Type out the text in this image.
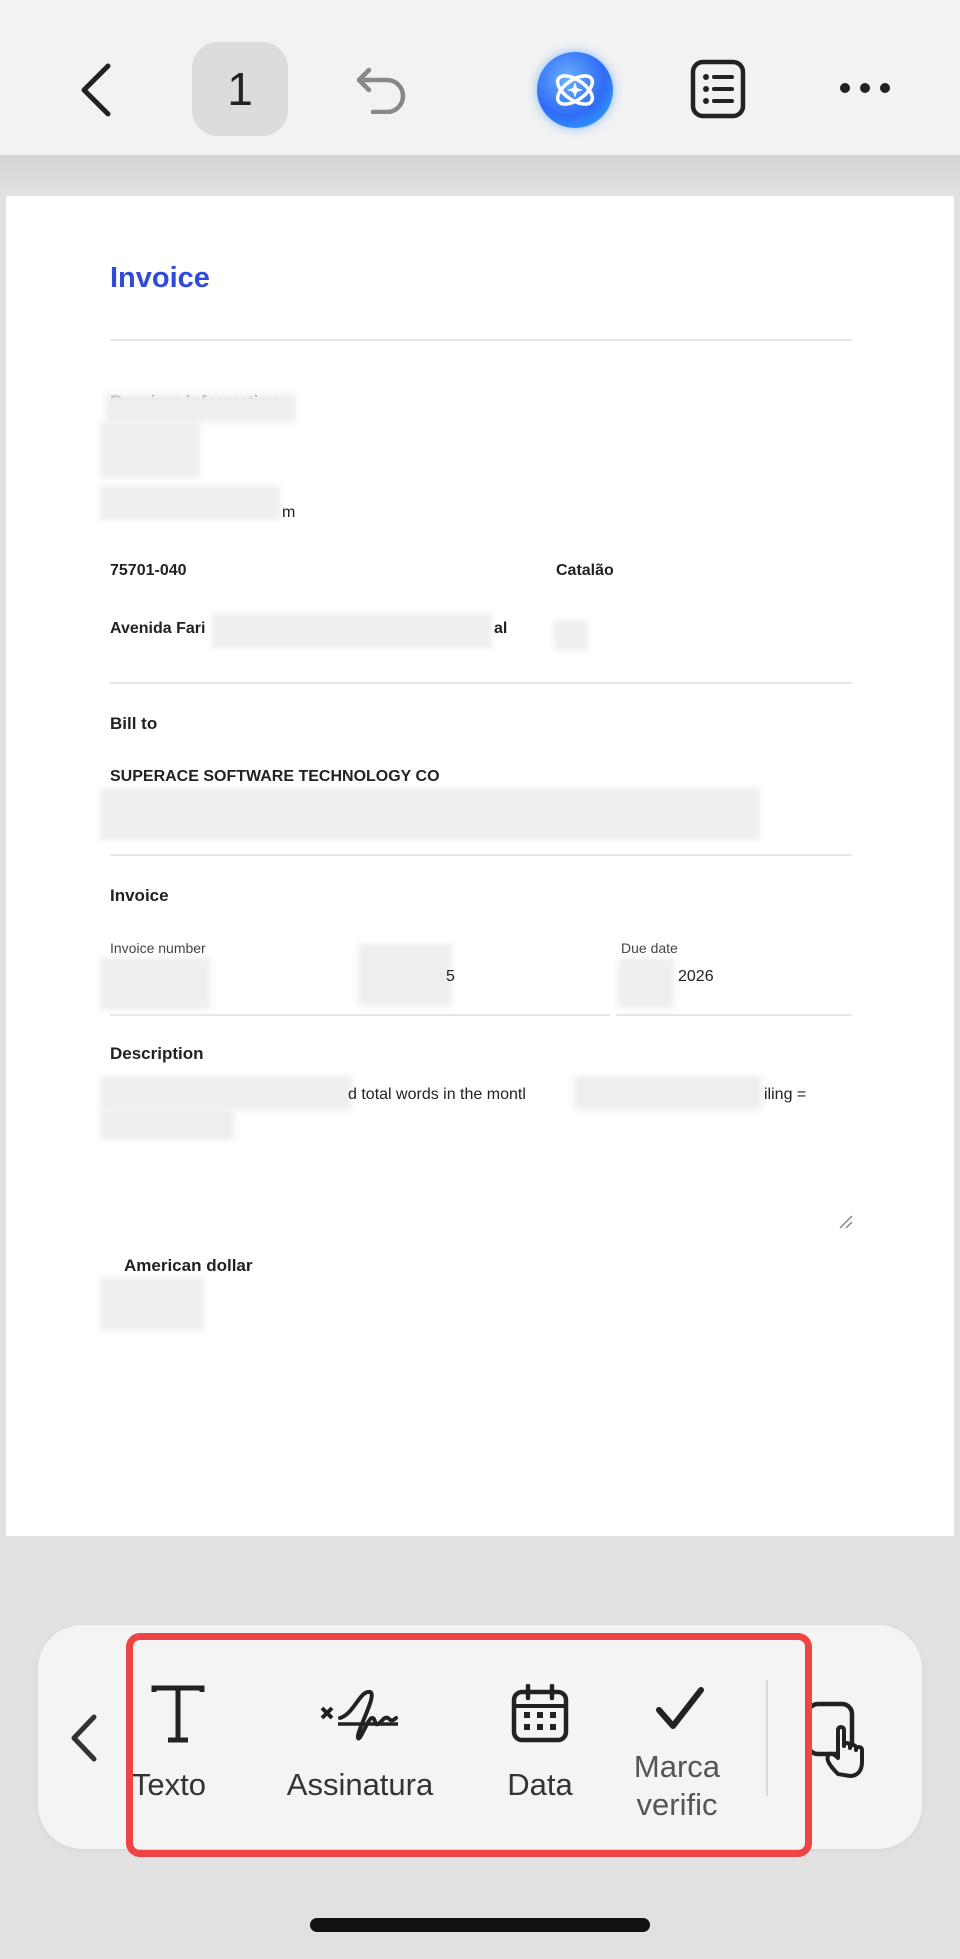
1
Invoice
m
75701-040	Catalão
Avenida Fari	al
Bill to
SUPERACE SOFTWARE TECHNOLOGY CO
Invoice
Invoice number
5
Due date
2026
Description
d total words in the montl	iling =
American dollar
Texto	Assinatura	Data
Marca
verific
